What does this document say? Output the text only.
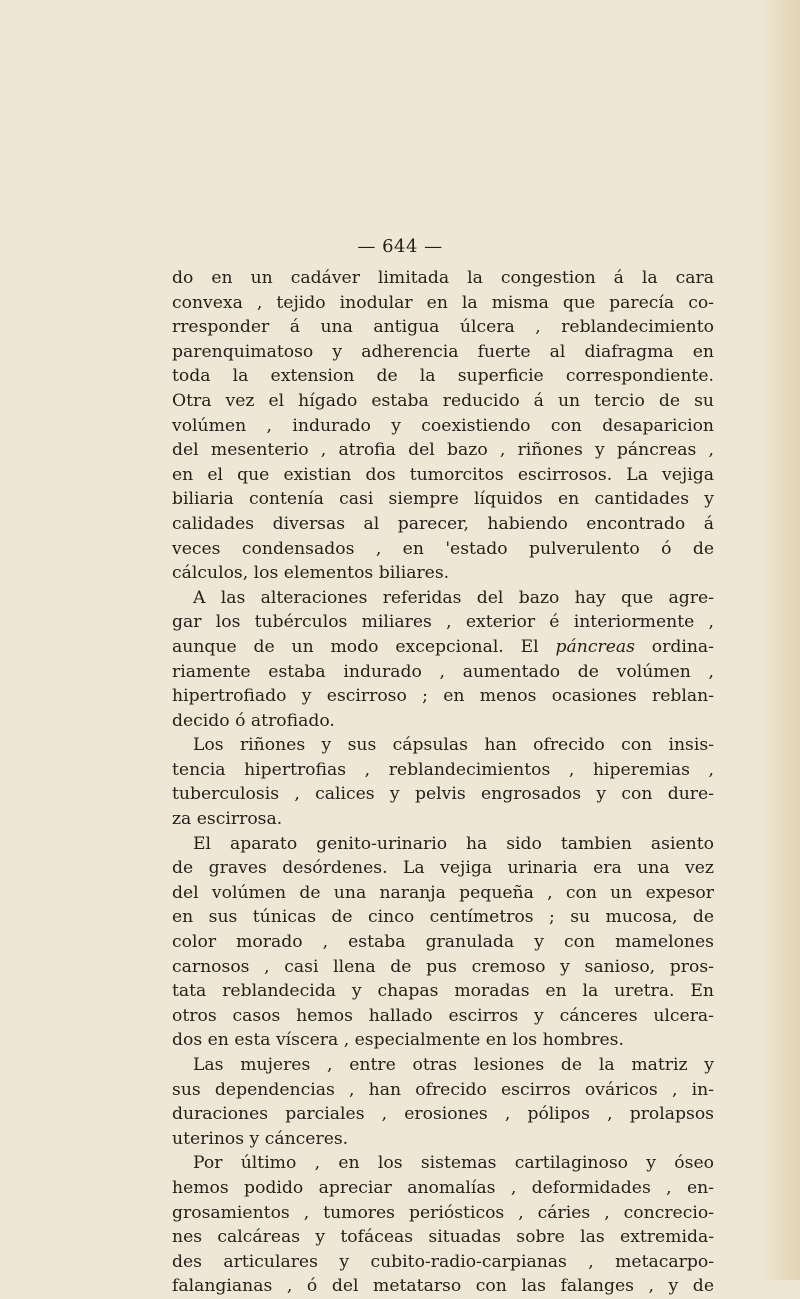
— 644 —
do en un cadáver limitada la congestion á la cara
convexa , tejido inodular en la misma que parecía co-
rresponder á una antigua úlcera , reblandecimiento
parenquimatoso y adherencia fuerte al diafragma en
toda la extension de la superficie correspondiente.
Otra vez el hígado estaba reducido á un tercio de su
volúmen , indurado y coexistiendo con desaparicion
del mesenterio , atrofia del bazo , riñones y páncreas ,
en el que existian dos tumorcitos escirrosos. La vejiga
biliaria contenía casi siempre líquidos en cantidades y
calidades diversas al parecer, habiendo encontrado á
veces condensados , en 'estado pulverulento ó de
cálculos, los elementos biliares.
A las alteraciones referidas del bazo hay que agre-
gar los tubérculos miliares , exterior é interiormente ,
aunque de un modo excepcional. El páncreas ordina-
riamente estaba indurado , aumentado de volúmen ,
hipertrofiado y escirroso ; en menos ocasiones reblan-
decido ó atrofiado.
Los riñones y sus cápsulas han ofrecido con insis-
tencia hipertrofias , reblandecimientos , hiperemias ,
tuberculosis , calices y pelvis engrosados y con dure-
za escirrosa.
El aparato genito-urinario ha sido tambien asiento
de graves desórdenes. La vejiga urinaria era una vez
del volúmen de una naranja pequeña , con un expesor
en sus túnicas de cinco centímetros ; su mucosa, de
color morado , estaba granulada y con mamelones
carnosos , casi llena de pus cremoso y sanioso, pros-
tata reblandecida y chapas moradas en la uretra. En
otros casos hemos hallado escirros y cánceres ulcera-
dos en esta víscera , especialmente en los hombres.
Las mujeres , entre otras lesiones de la matriz y
sus dependencias , han ofrecido escirros ováricos , in-
duraciones parciales , erosiones , pólipos , prolapsos
uterinos y cánceres.
Por último , en los sistemas cartilaginoso y óseo
hemos podido apreciar anomalías , deformidades , en-
grosamientos , tumores periósticos , cáries , concrecio-
nes calcáreas y tofáceas situadas sobre las extremida-
des articulares y cubito-radio-carpianas , metacarpo-
falangianas , ó del metatarso con las falanges , y de
